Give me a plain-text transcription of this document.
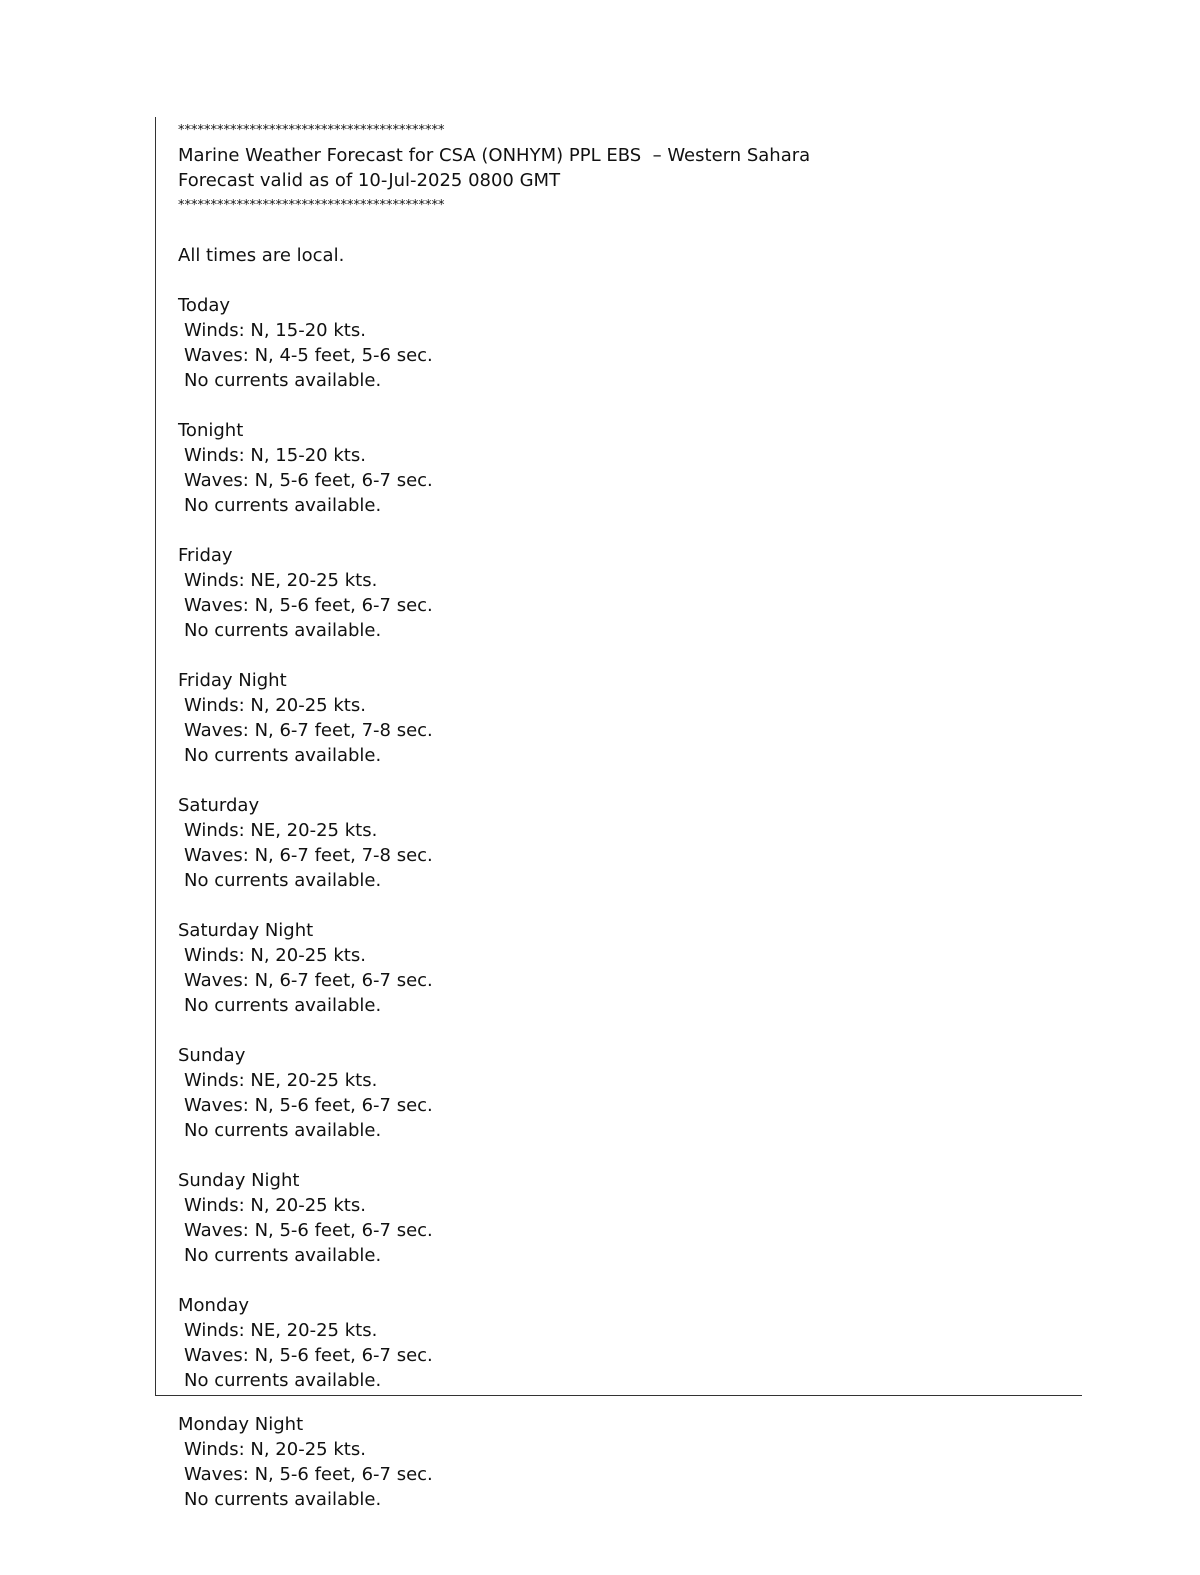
*****************************************
Marine Weather Forecast for CSA (ONHYM) PPL EBS  – Western Sahara
Forecast valid as of 10-Jul-2025 0800 GMT
*****************************************
All times are local.
Today
Winds: N, 15-20 kts.
Waves: N, 4-5 feet, 5-6 sec.
No currents available.
Tonight
Winds: N, 15-20 kts.
Waves: N, 5-6 feet, 6-7 sec.
No currents available.
Friday
Winds: NE, 20-25 kts.
Waves: N, 5-6 feet, 6-7 sec.
No currents available.
Friday Night
Winds: N, 20-25 kts.
Waves: N, 6-7 feet, 7-8 sec.
No currents available.
Saturday
Winds: NE, 20-25 kts.
Waves: N, 6-7 feet, 7-8 sec.
No currents available.
Saturday Night
Winds: N, 20-25 kts.
Waves: N, 6-7 feet, 6-7 sec.
No currents available.
Sunday
Winds: NE, 20-25 kts.
Waves: N, 5-6 feet, 6-7 sec.
No currents available.
Sunday Night
Winds: N, 20-25 kts.
Waves: N, 5-6 feet, 6-7 sec.
No currents available.
Monday
Winds: NE, 20-25 kts.
Waves: N, 5-6 feet, 6-7 sec.
No currents available.
Monday Night
Winds: N, 20-25 kts.
Waves: N, 5-6 feet, 6-7 sec.
No currents available.
